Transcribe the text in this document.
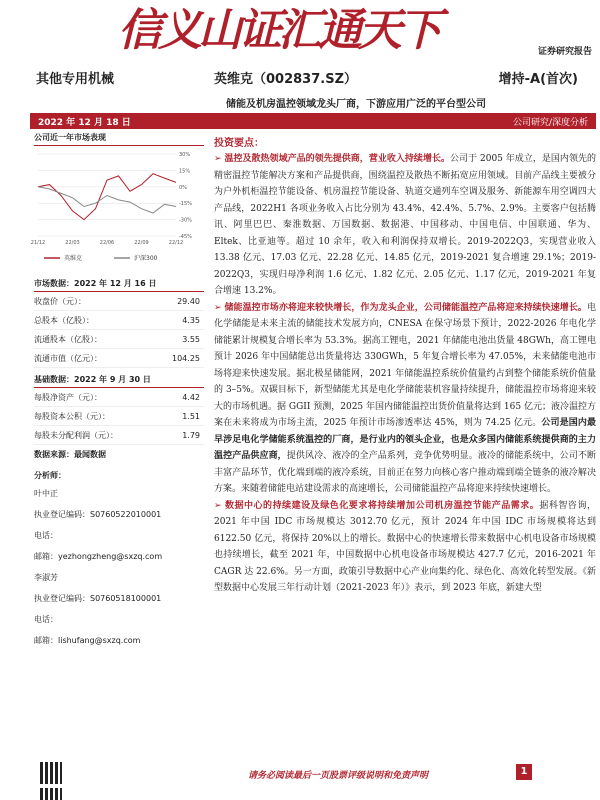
信义山证汇通天下	证券研究报告
其他专用机械	英维克（002837.SZ）	增持-A(首次)
储能及机房温控领域龙头厂商，下游应用广泛的平台型公司
2022 年 12 月 18 日	公司研究/深度分析
公司近一年市场表现
30%
15%
0%
-15%
-30%
-45%
21/12	22/03	22/06	22/09	22/12
英维克	沪深300
市场数据：2022 年 12 月 16 日
收盘价（元）：	29.40
总股本（亿股）：	4.35
流通股本（亿股）：	3.55
流通市值（亿元）：	104.25
基础数据：2022 年 9 月 30 日
每股净资产（元）：	4.42
每股资本公积（元）：	1.51
每股未分配利润（元）：	1.79
数据来源：最闻数据
分析师：
叶中正
执业登记编码：S0760522010001
电话：
邮箱：yezhongzheng@sxzq.com
李淑芳
执业登记编码：S0760518100001
电话：
邮箱：lishufang@sxzq.com
投资要点：

➢ 温控及散热领域产品的领先提供商，营业收入持续增长。公司于 2005 年成立，是国内领先的精密温控节能解决方案和产品提供商，围绕温控及散热不断拓宽应用领域。目前产品线主要被分为户外机柜温控节能设备、机房温控节能设备、轨道交通列车空调及服务、新能源车用空调四大产品线，2022H1 各项业务收入占比分别为 43.4%、42.4%、5.7%、2.9%。主要客户包括腾讯、阿里巴巴、秦淮数据、万国数据、数据港、中国移动、中国电信、中国联通、华为、Eltek、比亚迪等。超过 10 余年，收入和利润保持双增长。2019-2022Q3，实现营业收入 13.38 亿元、17.03 亿元、22.28 亿元、14.85 亿元，2019-2021 复合增速 29.1%；2019-2022Q3，实现归母净利润 1.6 亿元、1.82 亿元、2.05 亿元、1.17 亿元，2019-2021 年复合增速 13.2%。

➢ 储能温控市场亦将迎来较快增长，作为龙头企业，公司储能温控产品将迎来持续快速增长。电化学储能是未来主流的储能技术发展方向，CNESA 在保守场景下预计，2022-2026 年电化学储能累计规模复合增长率为 53.3%。据高工锂电，2021 年储能电池出货量 48GWh，高工锂电预计 2026 年中国储能总出货量将达 330GWh，5 年复合增长率为 47.05%，未来储能电池市场将迎来快速发展。据北极星储能网，2021 年储能温控系统价值量约占到整个储能系统价值量的 3–5%。双碳目标下，新型储能尤其是电化学储能装机容量持续提升，储能温控市场将迎来较大的市场机遇。据 GGII 预测，2025 年国内储能温控出货价值量将达到 165 亿元；液冷温控方案在未来将成为市场主流，2025 年预计市场渗透率达 45%，则为 74.25 亿元。公司是国内最早涉足电化学储能系统温控的厂商，是行业内的领头企业，也是众多国内储能系统提供商的主力温控产品供应商，提供风冷、液冷的全产品系列，竞争优势明显。液冷的储能系统中，公司不断丰富产品环节，优化端到端的液冷系统，目前正在努力向核心客户推动端到端全链条的液冷解决方案。来随着储能电站建设需求的高速增长，公司储能温控产品将迎来持续快速增长。

➢ 数据中心的持续建设及绿色化要求将持续增加公司机房温控节能产品需求。据科智咨询，2021 年中国 IDC 市场规模达 3012.70 亿元，预计 2024 年中国 IDC 市场规模将达到 6122.50 亿元，将保持 20%以上的增长。数据中心的快速增长带来数据中心机电设备市场规模也持续增长，截至 2021 年，中国数据中心机电设备市场规模达 427.7 亿元，2016-2021 年 CAGR 达 22.6%。另一方面，政策引导数据中心产业向集约化、绿色化、高效化转型发展。《新型数据中心发展三年行动计划（2021-2023 年）》表示，到 2023 年底，新建大型

请务必阅读最后一页股票评级说明和免责声明	1
